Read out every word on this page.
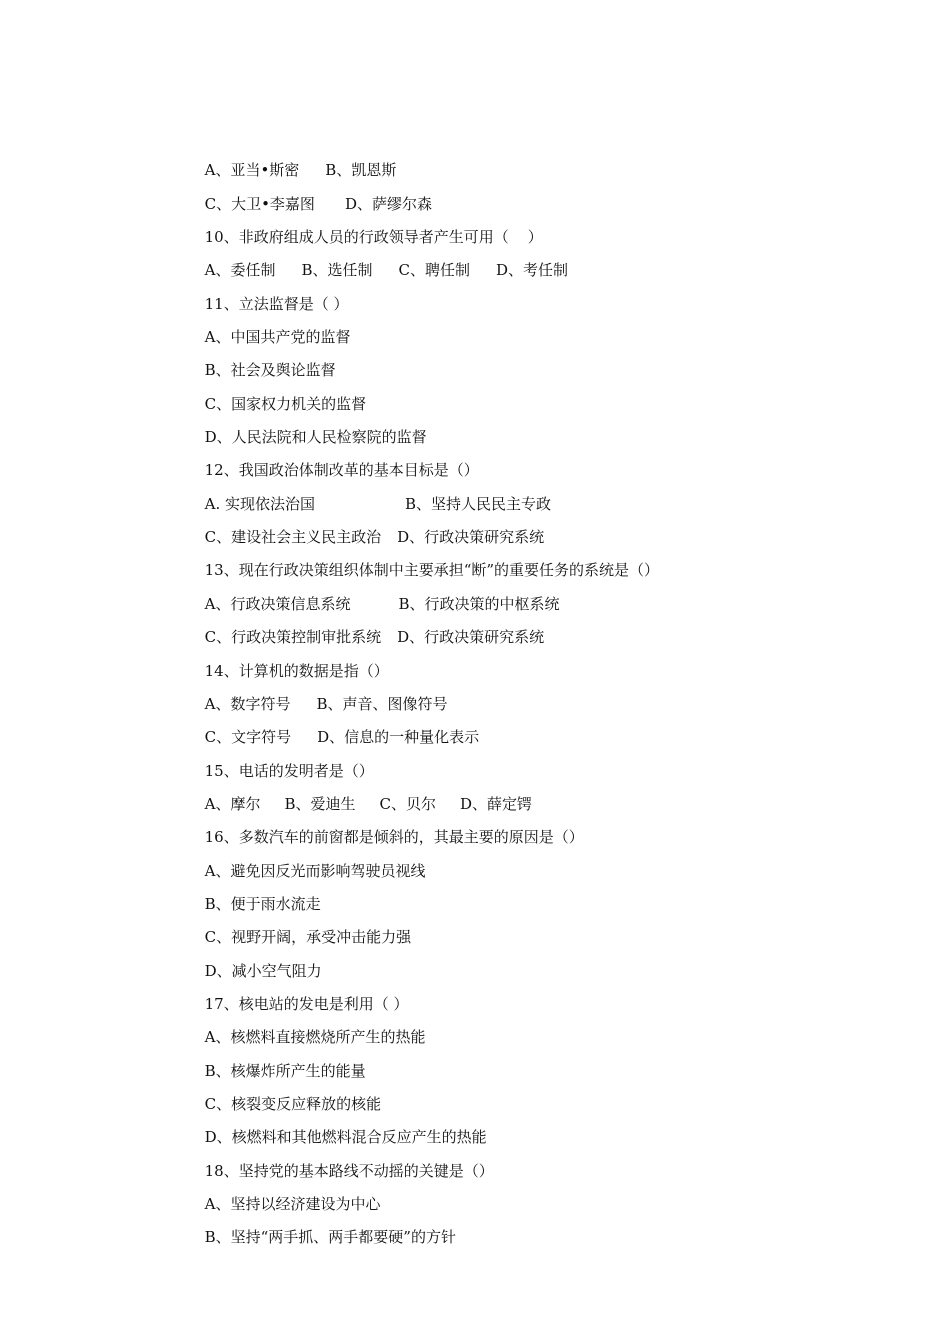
A、亚当•斯密 B、凯恩斯

C、大卫•李嘉图 D、萨缪尔森

10、非政府组成人员的行政领导者产生可用（    ）

A、委任制 B、选任制 C、聘任制 D、考任制

11、立法监督是（ ）

A、中国共产党的监督

B、社会及舆论监督

C、国家权力机关的监督

D、人民法院和人民检察院的监督

12、我国政治体制改革的基本目标是（）

A. 实现依法治国	B、坚持人民民主专政

C、建设社会主义民主政治 D、行政决策研究系统

13、现在行政决策组织体制中主要承担“断”的重要任务的系统是（）

A、行政决策信息系统	B、行政决策的中枢系统

C、行政决策控制审批系统 D、行政决策研究系统

14、计算机的数据是指（）

A、数字符号 B、声音、图像符号

C、文字符号 D、信息的一种量化表示

15、电话的发明者是（）

A、摩尔 B、爱迪生 C、贝尔 D、薛定锷

16、多数汽车的前窗都是倾斜的，其最主要的原因是（）

A、避免因反光而影响驾驶员视线

B、便于雨水流走

C、视野开阔，承受冲击能力强

D、减小空气阻力

17、核电站的发电是利用（ ）

A、核燃料直接燃烧所产生的热能

B、核爆炸所产生的能量

C、核裂变反应释放的核能

D、核燃料和其他燃料混合反应产生的热能

18、坚持党的基本路线不动摇的关键是（）

A、坚持以经济建设为中心

B、坚持“两手抓、两手都要硬”的方针
